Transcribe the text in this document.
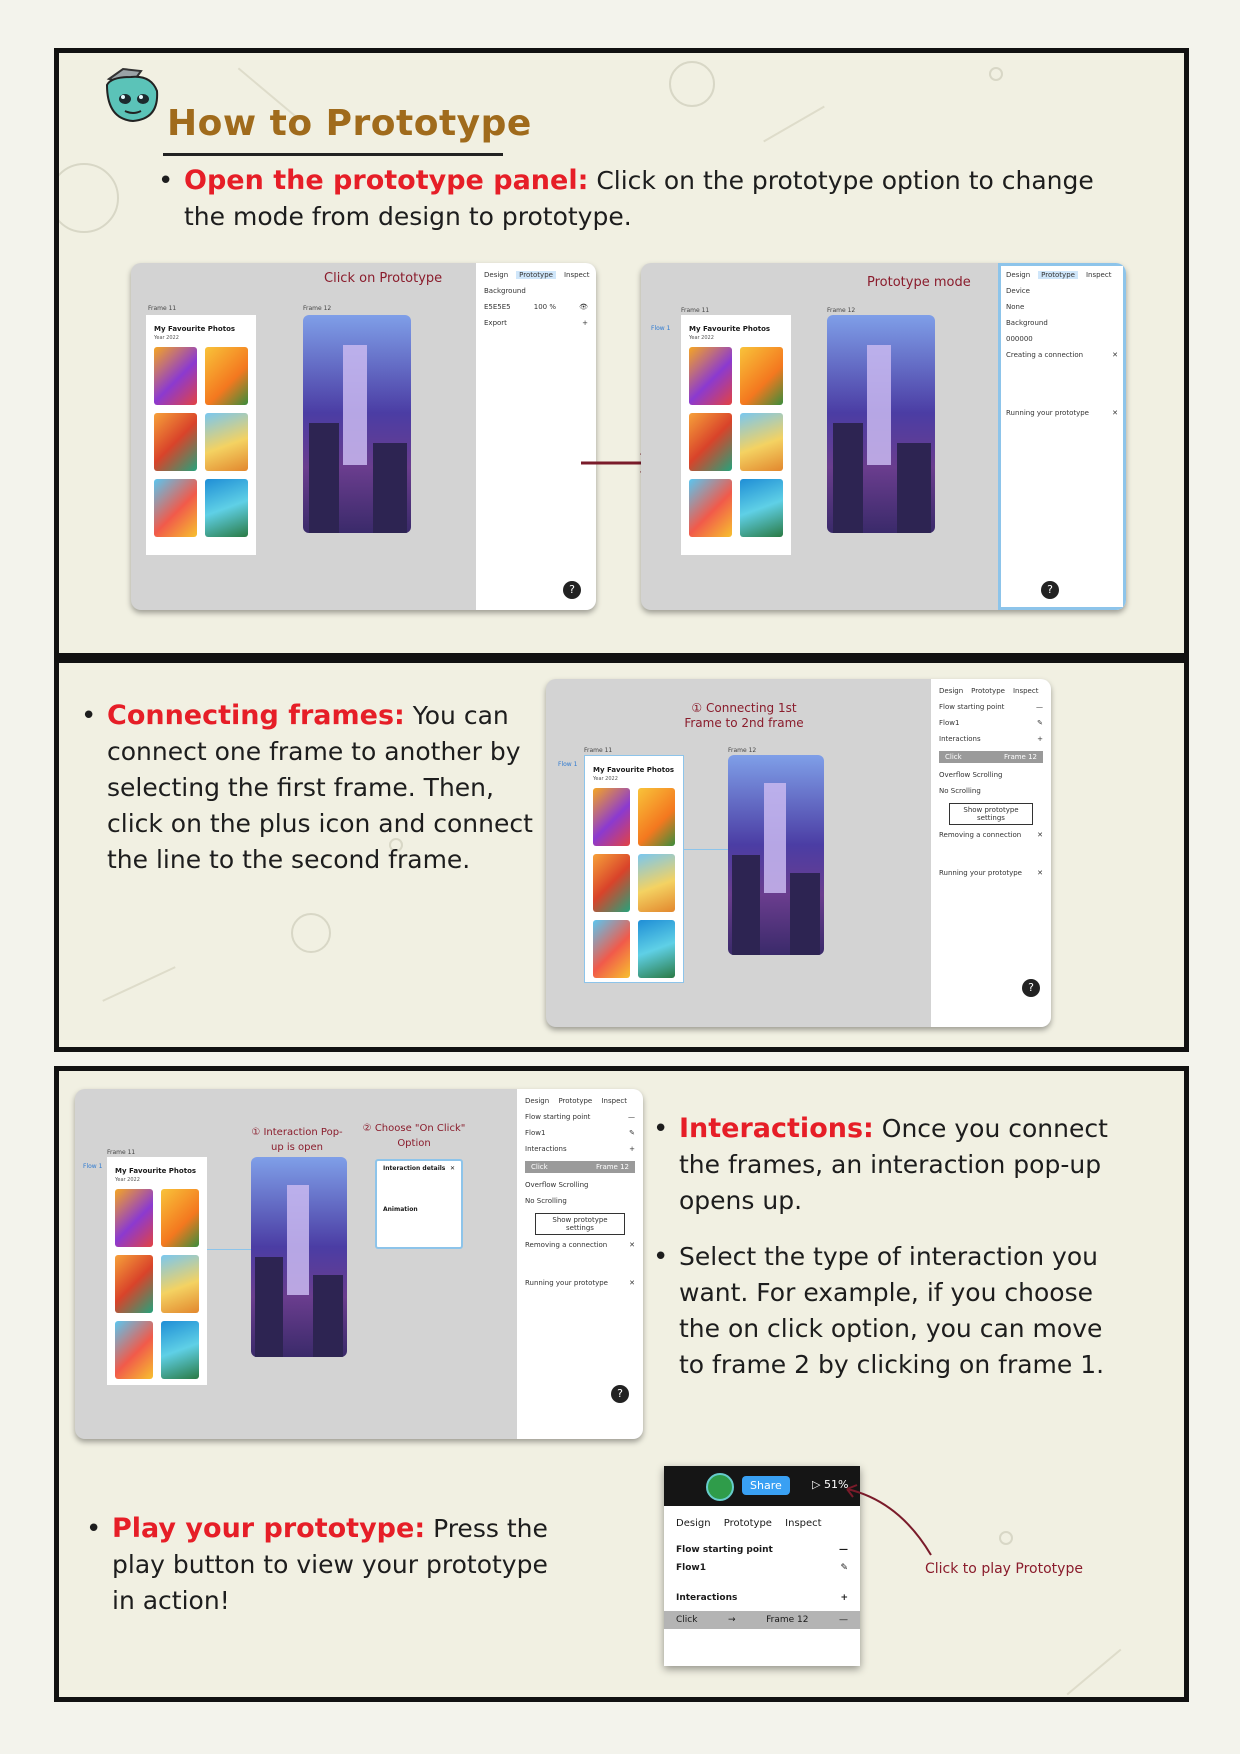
How to Prototype
• Open the prototype panel: Click on the prototype option to change the mode from design to prototype.
Frame 11
My Favourite Photos
Year 2022
Frame 12
Design	Prototype	Inspect
Background
E5E5E5	100 %	👁
Export	+
?
Click on Prototype
Flow 1
Frame 11
My Favourite Photos
Year 2022
Frame 12
Design	Prototype	Inspect
Device
None
Background
000000
Creating a connection	✕
Running your prototype	✕
?
Prototype mode
• Connecting frames: You can connect one frame to another by selecting the first frame. Then, click on the plus icon and connect the line to the second frame.
Flow 1
Frame 11
My Favourite Photos
Year 2022
Frame 12
Design Prototype Inspect
Flow starting point	—
Flow1	✎
Interactions	+
Click	Frame 12
Overflow Scrolling
No Scrolling
Show prototype settings
Removing a connection ✕
Running your prototype ✕
?
① Connecting 1st Frame to 2nd frame
Flow 1
Frame 11
My Favourite Photos
Year 2022
Interaction details ✕
Animation
Design Prototype Inspect
Flow starting point	—
Flow1	✎
Interactions	+
Click	Frame 12
Overflow Scrolling
No Scrolling
Show prototype settings
Removing a connection	✕
Running your prototype	✕
?
① Interaction Pop-up is open
② Choose "On Click" Option	• Interactions: Once you connect the frames, an interaction pop-up opens up.
• Select the type of interaction you want. For example, if you choose the on click option, you can move to frame 2 by clicking on frame 1.
• Play your prototype: Press the play button to view your prototype in action!
Share	▷ 51%
Design Prototype Inspect
Flow starting point	—
Flow1	✎
Interactions	+
Click	→	Frame 12	—
Click to play Prototype
